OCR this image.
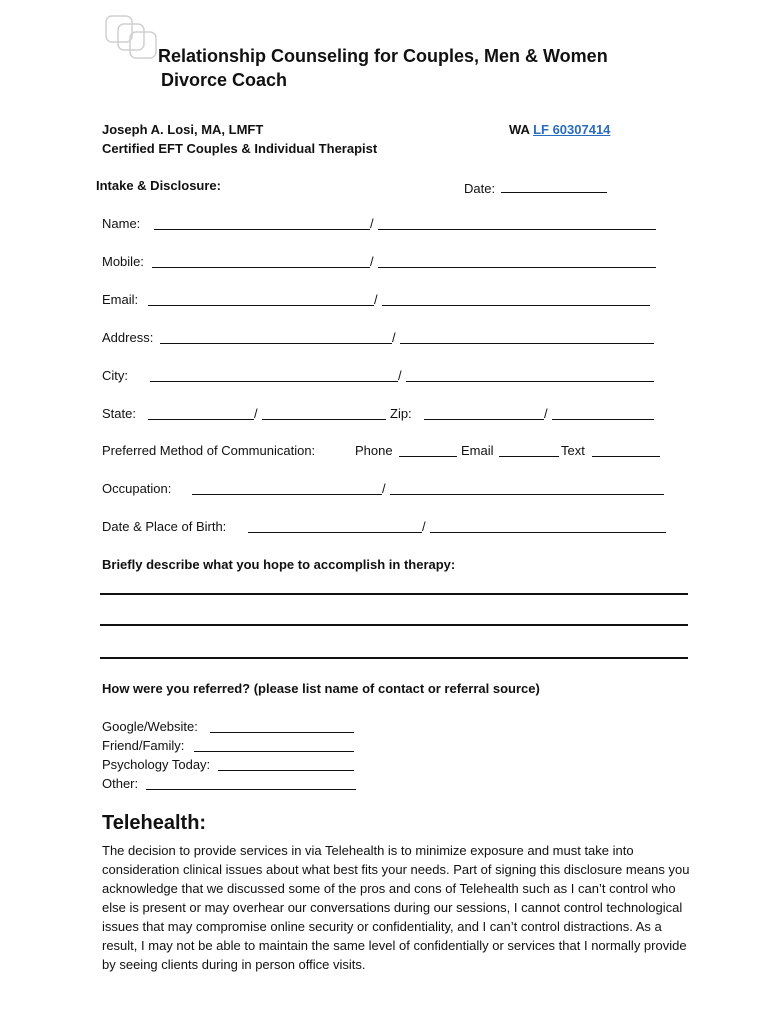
Relationship Counseling for Couples, Men & Women
Divorce Coach
Joseph A. Losi, MA, LMFT
Certified EFT Couples & Individual Therapist
WA LF 60307414
Intake & Disclosure:	Date:
Name:	/
Mobile:	/
Email:	/
Address:	/
City:	/
State:	/	Zip:	/
Preferred Method of Communication:	Phone	Email	Text
Occupation:	/
Date & Place of Birth:	/
Briefly describe what you hope to accomplish in therapy:
How were you referred? (please list name of contact or referral source)
Google/Website:
Friend/Family:
Psychology Today:
Other:
Telehealth:
The decision to provide services in via Telehealth is to minimize exposure and must take into consideration clinical issues about what best fits your needs. Part of signing this disclosure means you acknowledge that we discussed some of the pros and cons of Telehealth such as I can’t control who else is present or may overhear our conversations during our sessions, I cannot control technological issues that may compromise online security or confidentiality, and I can’t control distractions. As a result, I may not be able to maintain the same level of confidentially or services that I normally provide by seeing clients during in person office visits.
